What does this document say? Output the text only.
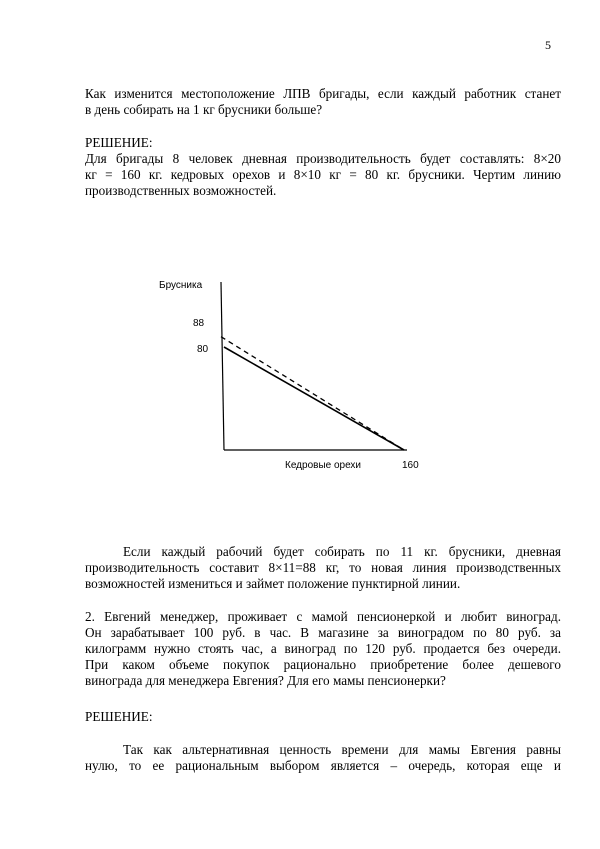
5
Как изменится местоположение ЛПВ бригады, если каждый работник станет
в день собирать на 1 кг брусники больше?
РЕШЕНИЕ:
Для бригады 8 человек дневная производительность будет составлять: 8×20
кг = 160 кг. кедровых орехов и 8×10 кг = 80 кг. брусники. Чертим линию
производственных возможностей.
Брусника
88
80
Кедровые орехи	160
Если каждый рабочий будет собирать по 11 кг. брусники, дневная
производительность составит 8×11=88 кг, то новая линия производственных
возможностей измениться и займет положение пунктирной линии.
2. Евгений менеджер, проживает с мамой пенсионеркой и любит виноград.
Он зарабатывает 100 руб. в час. В магазине за виноградом по 80 руб. за
килограмм нужно стоять час, а виноград по 120 руб. продается без очереди.
При каком объеме покупок рационально приобретение более дешевого
винограда для менеджера Евгения? Для его мамы пенсионерки?
РЕШЕНИЕ:
Так как альтернативная ценность времени для мамы Евгения равны
нулю, то ее рациональным выбором является – очередь, которая еще и
